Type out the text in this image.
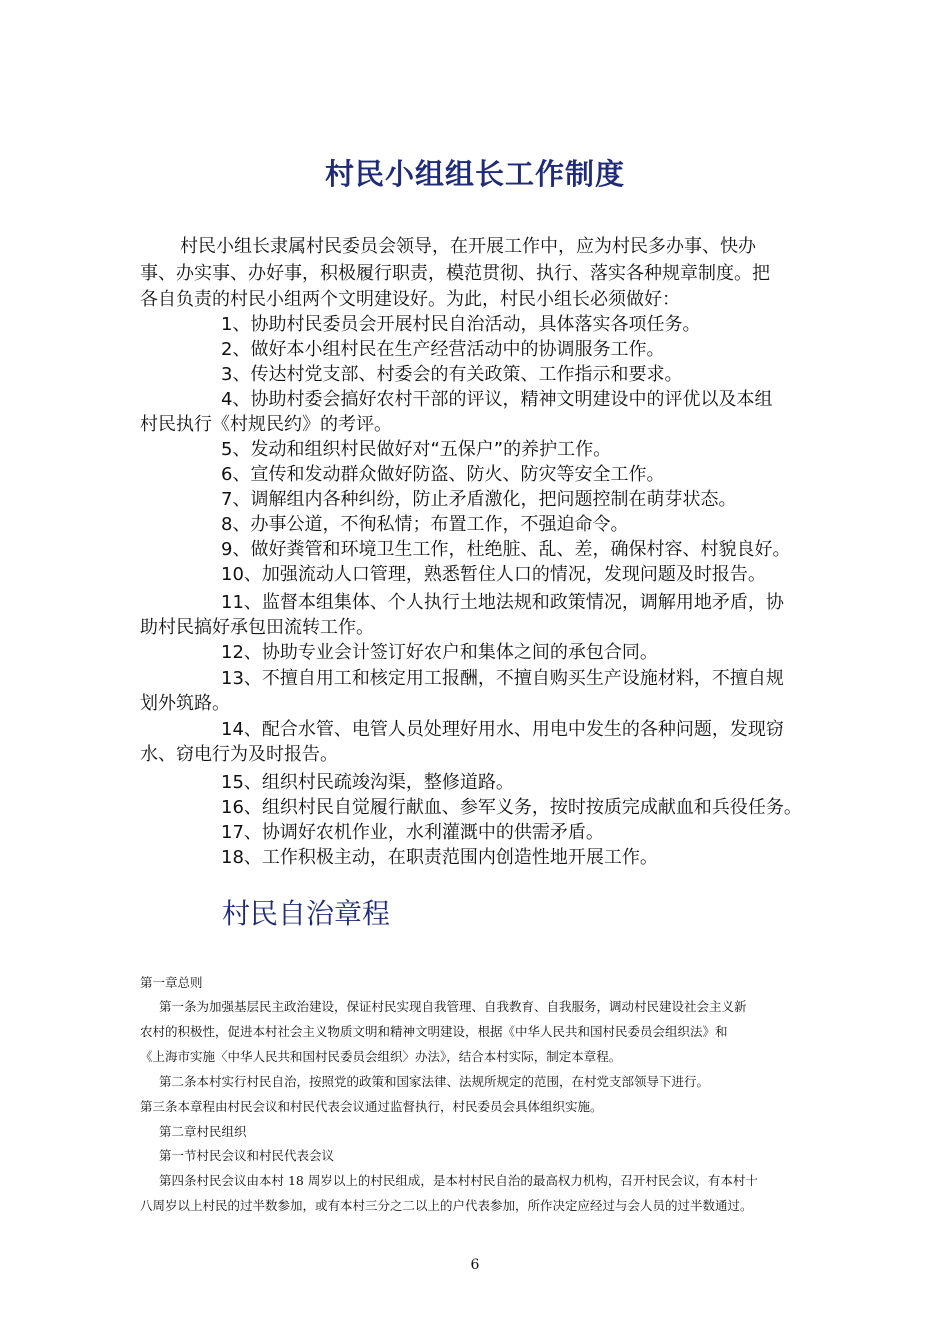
村民小组组长工作制度
村民小组长隶属村民委员会领导，在开展工作中，应为村民多办事、快办
事、办实事、办好事，积极履行职责，模范贯彻、执行、落实各种规章制度。把
各自负责的村民小组两个文明建设好。为此，村民小组长必须做好：
1、协助村民委员会开展村民自治活动，具体落实各项任务。
2、做好本小组村民在生产经营活动中的协调服务工作。
3、传达村党支部、村委会的有关政策、工作指示和要求。
4、协助村委会搞好农村干部的评议，精神文明建设中的评优以及本组
村民执行《村规民约》的考评。
5、发动和组织村民做好对“五保户”的养护工作。
6、宣传和发动群众做好防盗、防火、防灾等安全工作。
7、调解组内各种纠纷，防止矛盾激化，把问题控制在萌芽状态。
8、办事公道，不徇私情；布置工作，不强迫命令。
9、做好粪管和环境卫生工作，杜绝脏、乱、差，确保村容、村貌良好。
10、加强流动人口管理，熟悉暂住人口的情况，发现问题及时报告。
11、监督本组集体、个人执行土地法规和政策情况，调解用地矛盾，协
助村民搞好承包田流转工作。
12、协助专业会计签订好农户和集体之间的承包合同。
13、不擅自用工和核定用工报酬，不擅自购买生产设施材料，不擅自规
划外筑路。
14、配合水管、电管人员处理好用水、用电中发生的各种问题，发现窃
水、窃电行为及时报告。
15、组织村民疏竣沟渠，整修道路。
16、组织村民自觉履行献血、参军义务，按时按质完成献血和兵役任务。
17、协调好农机作业，水利灌溉中的供需矛盾。
18、工作积极主动，在职责范围内创造性地开展工作。
村民自治章程
第一章总则
第一条为加强基层民主政治建设，保证村民实现自我管理、自我教育、自我服务，调动村民建设社会主义新
农村的积极性，促进本村社会主义物质文明和精神文明建设，根据《中华人民共和国村民委员会组织法》和
《上海市实施〈中华人民共和国村民委员会组织〉办法》，结合本村实际，制定本章程。
第二条本村实行村民自治，按照党的政策和国家法律、法规所规定的范围，在村党支部领导下进行。
第三条本章程由村民会议和村民代表会议通过监督执行，村民委员会具体组织实施。
第二章村民组织
第一节村民会议和村民代表会议
第四条村民会议由本村 18 周岁以上的村民组成，是本村村民自治的最高权力机构，召开村民会议，有本村十
八周岁以上村民的过半数参加，或有本村三分之二以上的户代表参加，所作决定应经过与会人员的过半数通过。
6
